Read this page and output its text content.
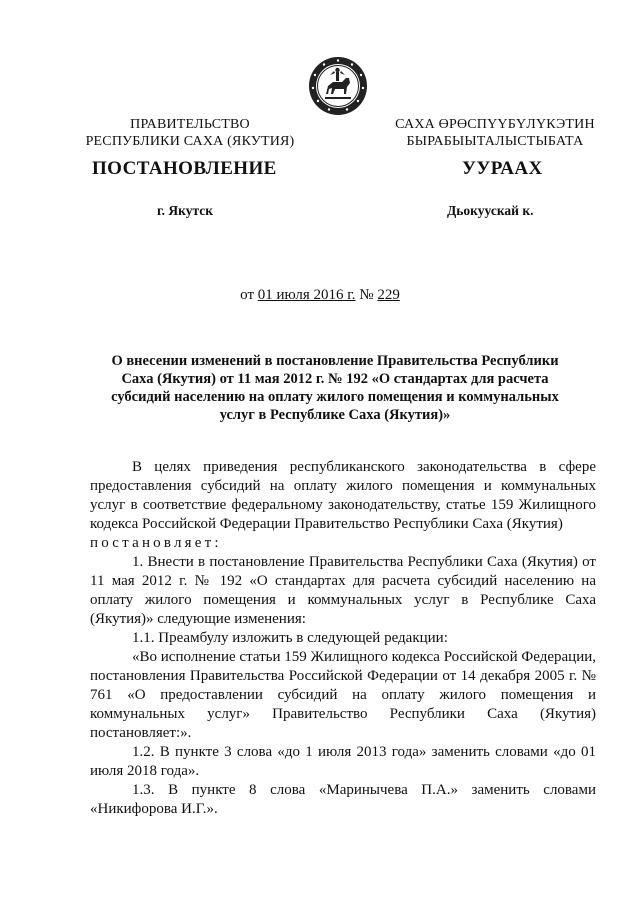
ПРАВИТЕЛЬСТВО
РЕСПУБЛИКИ САХА (ЯКУТИЯ)
САХА ӨРӨСПҮҮБҮЛҮКЭТИН
БЫРАБЫЫТАЛЫСТЫБАТА
ПОСТАНОВЛЕНИЕ	УУРААХ
г. Якутск	Дьокуускай к.
от 01 июля 2016 г. № 229
О внесении изменений в постановление Правительства Республики Саха (Якутия) от 11 мая 2012 г. № 192 «О стандартах для расчета субсидий населению на оплату жилого помещения и коммунальных услуг в Республике Саха (Якутия)»

В целях приведения республиканского законодательства в сфере предоставления субсидий на оплату жилого помещения и коммунальных услуг в соответствие федеральному законодательству, статье 159 Жилищного кодекса Российской Федерации Правительство Республики Саха (Якутия)

постановляет:

1. Внести в постановление Правительства Республики Саха (Якутия) от 11 мая 2012 г. № 192 «О стандартах для расчета субсидий населению на оплату жилого помещения и коммунальных услуг в Республике Саха (Якутия)» следующие изменения:

1.1. Преамбулу изложить в следующей редакции:

«Во исполнение статьи 159 Жилищного кодекса Российской Федерации, постановления Правительства Российской Федерации от 14 декабря 2005 г. № 761 «О предоставлении субсидий на оплату жилого помещения и коммунальных услуг» Правительство Республики Саха (Якутия) постановляет:».

1.2. В пункте 3 слова «до 1 июля 2013 года» заменить словами «до 01 июля 2018 года».

1.3. В пункте 8 слова «Маринычева П.А.» заменить словами «Никифорова И.Г.».
